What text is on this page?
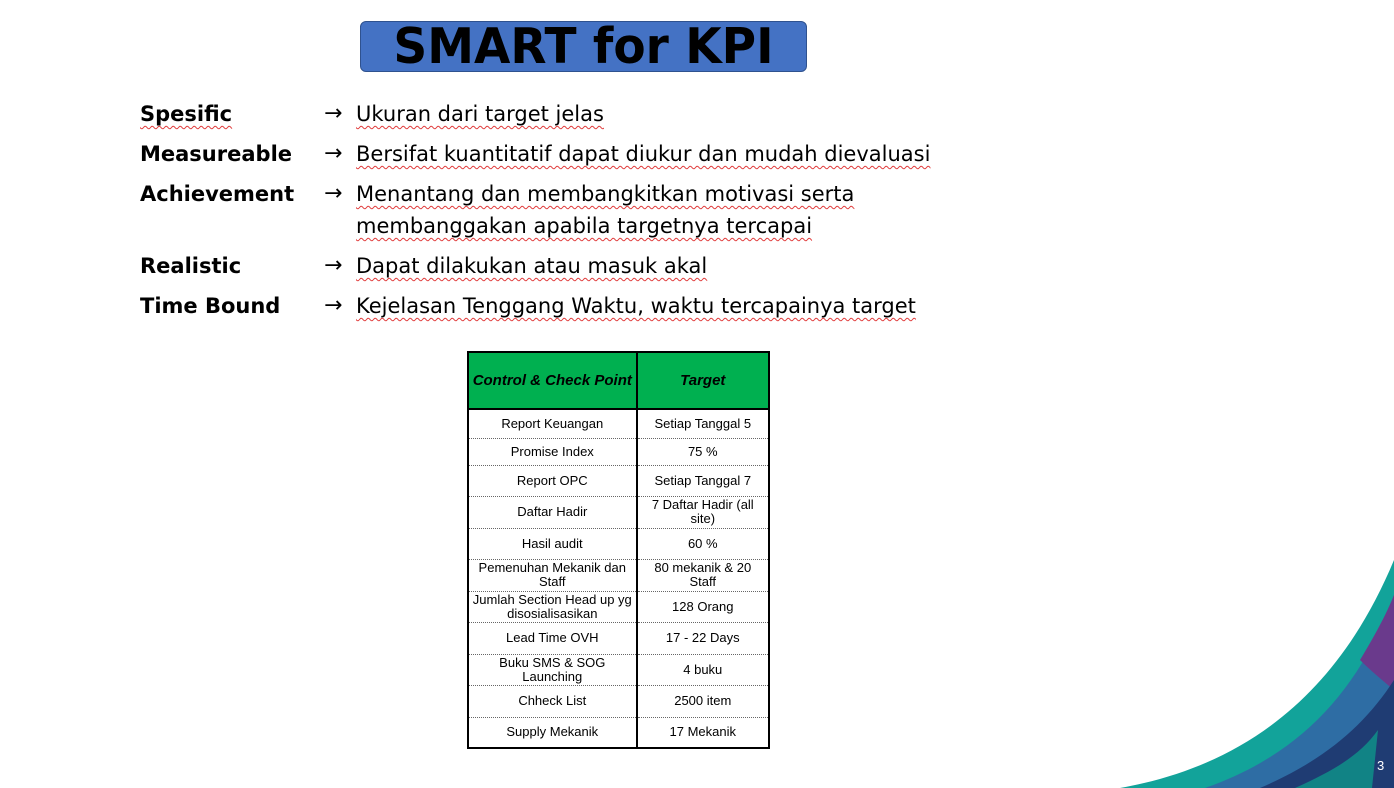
SMART for KPI
Spesific	→ Ukuran dari target jelas
Measureable	→ Bersifat kuantitatif dapat diukur dan mudah dievaluasi
Achievement	→ Menantang dan membangkitkan motivasi serta
membanggakan apabila targetnya tercapai
Realistic	→ Dapat dilakukan atau masuk akal
Time Bound	→ Kejelasan Tenggang Waktu, waktu tercapainya target
Control & Check Point	Target
Report Keuangan	Setiap Tanggal 5
Promise Index	75 %
Report OPC	Setiap Tanggal 7
Daftar Hadir	7 Daftar Hadir (all site)
Hasil audit	60 %
Pemenuhan Mekanik dan Staff	80 mekanik & 20 Staff
Jumlah Section Head up yg disosialisasikan	128 Orang
Lead Time OVH	17 - 22 Days
Buku SMS & SOG Launching	4 buku
Chheck List	2500 item
Supply Mekanik	17 Mekanik
3
